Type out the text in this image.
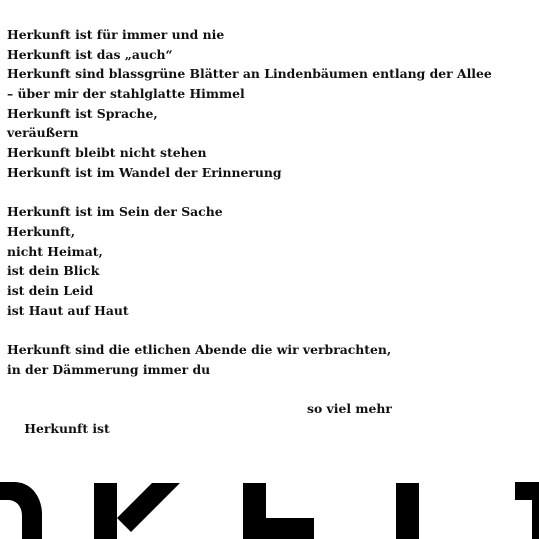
Herkunft ist für immer und nie
Herkunft ist das „auch“
Herkunft sind blassgrüne Blätter an Lindenbäumen entlang der Allee
– über mir der stahlglatte Himmel
Herkunft ist Sprache,
veräußern
Herkunft bleibt nicht stehen
Herkunft ist im Wandel der Erinnerung
Herkunft ist im Sein der Sache
Herkunft,
nicht Heimat,
ist dein Blick
ist dein Leid
ist Haut auf Haut
Herkunft sind die etlichen Abende die wir verbrachten,
in der Dämmerung immer du

Herkunft ist

so viel mehr
